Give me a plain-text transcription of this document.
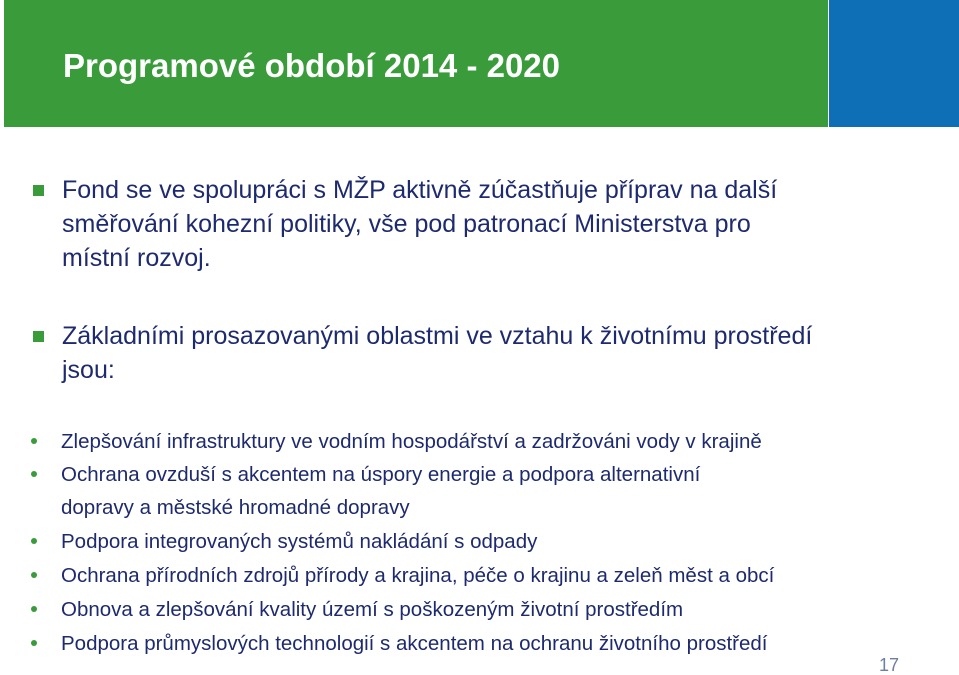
Programové období 2014 - 2020

Fond se ve spolupráci s MŽP aktivně zúčastňuje příprav na další
směřování kohezní politiky, vše pod patronací Ministerstva pro
místní rozvoj.

Základními prosazovanými oblastmi ve vztahu k životnímu prostředí
jsou:

Zlepšování infrastruktury ve vodním hospodářství a zadržováni vody v krajině

Ochrana ovzduší s akcentem na úspory energie a podpora alternativní
dopravy a městské hromadné dopravy

Podpora integrovaných systémů nakládání s odpady

Ochrana přírodních zdrojů přírody a krajina, péče o krajinu a zeleň měst a obcí

Obnova a zlepšování kvality území s poškozeným životní prostředím

Podpora průmyslových technologií s akcentem na ochranu životního prostředí

17
